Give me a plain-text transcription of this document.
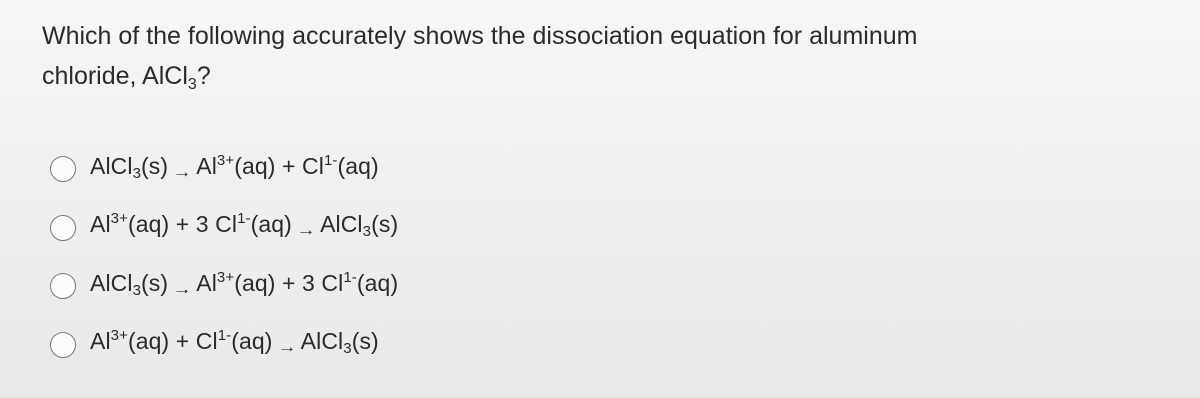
Which of the following accurately shows the dissociation equation for aluminum
chloride, AlCl$_3$?
AlCl$_3$(s) → $Al^{3+}(aq) + Cl^{1-}(aq)$
$Al^{3+}(aq) + 3$ $Cl^{1-}(aq)$ → AlCl$_3$(s)
AlCl$_3$(s) → $Al^{3+}(aq) + 3$ $Cl^{1-}(aq)$
$Al^{3+}(aq) + Cl^{1-}(aq)$ → AlCl$_3$(s)
